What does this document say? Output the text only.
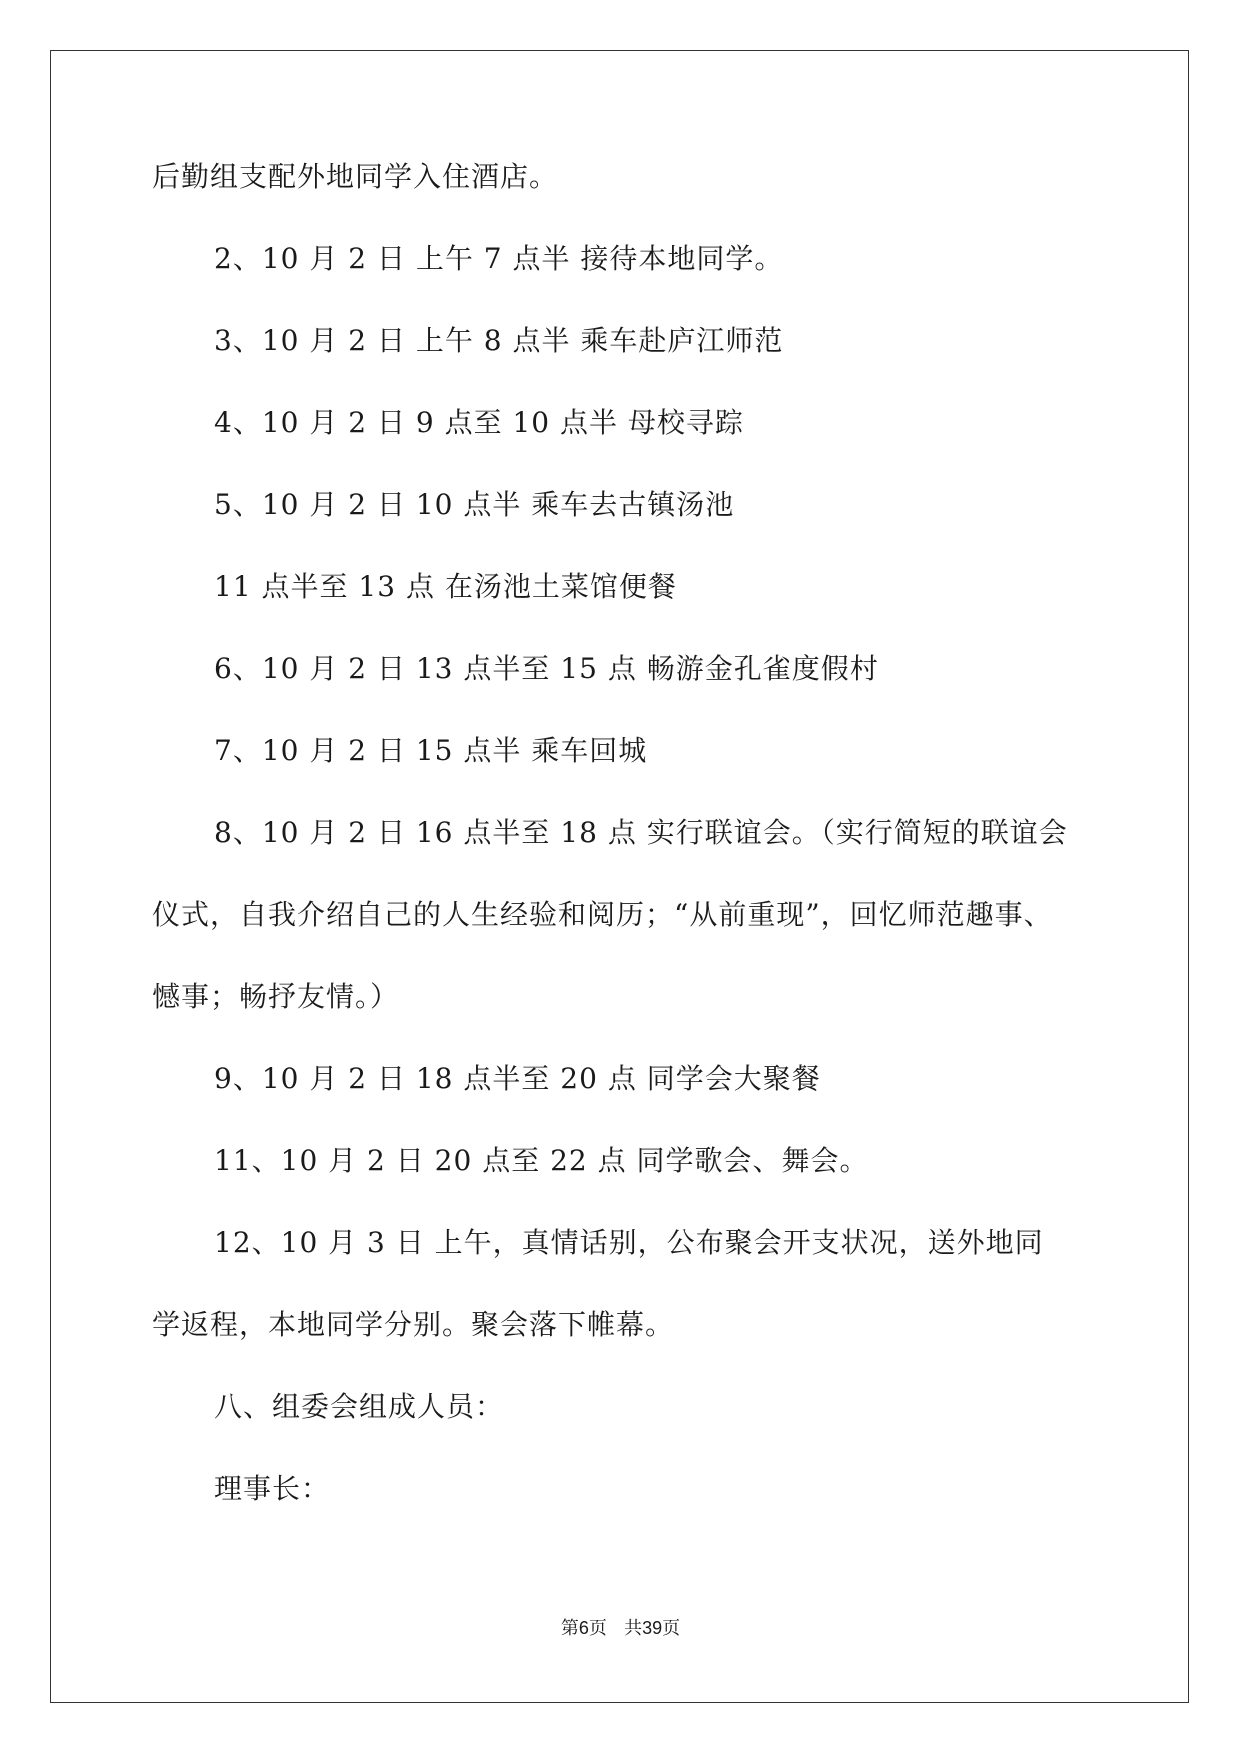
后勤组支配外地同学入住酒店。
2、10 月 2 日 上午 7 点半 接待本地同学。
3、10 月 2 日 上午 8 点半 乘车赴庐江师范
4、10 月 2 日 9 点至 10 点半 母校寻踪
5、10 月 2 日 10 点半 乘车去古镇汤池
11 点半至 13 点 在汤池土菜馆便餐
6、10 月 2 日 13 点半至 15 点 畅游金孔雀度假村
7、10 月 2 日 15 点半 乘车回城
8、10 月 2 日 16 点半至 18 点 实行联谊会。（实行简短的联谊会
仪式，自我介绍自己的人生经验和阅历；“从前重现”，回忆师范趣事、
憾事；畅抒友情。）
9、10 月 2 日 18 点半至 20 点 同学会大聚餐
11、10 月 2 日 20 点至 22 点 同学歌会、舞会。
12、10 月 3 日 上午，真情话别，公布聚会开支状况，送外地同
学返程，本地同学分别。聚会落下帷幕。
八、组委会组成人员：
理事长：
第6页 共39页
